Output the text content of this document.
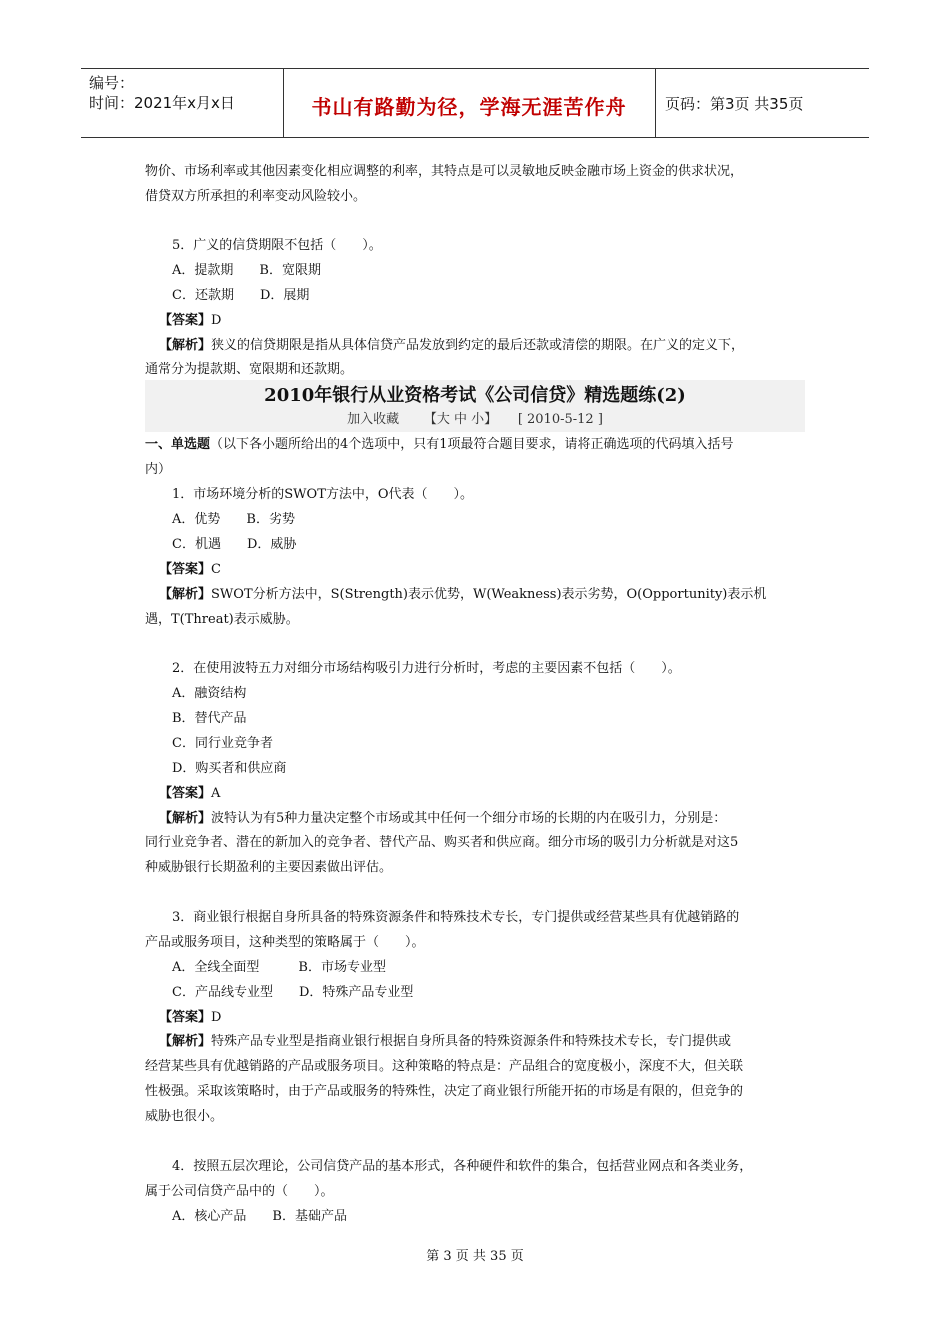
编号：
时间：2021年x月x日	书山有路勤为径，学海无涯苦作舟	页码：第3页 共35页
物价、市场利率或其他因素变化相应调整的利率，其特点是可以灵敏地反映金融市场上资金的供求状况，
借贷双方所承担的利率变动风险较小。
5．广义的信贷期限不包括（　　）。
A．提款期　　B．宽限期
C．还款期　　D．展期
【答案】D
【解析】狭义的信贷期限是指从具体信贷产品发放到约定的最后还款或清偿的期限。在广义的定义下，
通常分为提款期、宽限期和还款期。
2010年银行从业资格考试《公司信贷》精选题练(2)
加入收藏      【大 中 小】     [ 2010-5-12 ]
一、单选题（以下各小题所给出的4个选项中，只有1项最符合题目要求，请将正确选项的代码填入括号
内）
1．市场环境分析的SWOT方法中，O代表（　　）。
A．优势　　B．劣势
C．机遇　　D．威胁
【答案】C
【解析】SWOT分析方法中，S(Strength)表示优势，W(Weakness)表示劣势，O(Opportunity)表示机
遇，T(Threat)表示威胁。
2．在使用波特五力对细分市场结构吸引力进行分析时，考虑的主要因素不包括（　　）。
A．融资结构
B．替代产品
C．同行业竞争者
D．购买者和供应商
【答案】A
【解析】波特认为有5种力量决定整个市场或其中任何一个细分市场的长期的内在吸引力，分别是：
同行业竞争者、潜在的新加入的竞争者、替代产品、购买者和供应商。细分市场的吸引力分析就是对这5
种威胁银行长期盈利的主要因素做出评估。
3．商业银行根据自身所具备的特殊资源条件和特殊技术专长，专门提供或经营某些具有优越销路的
产品或服务项目，这种类型的策略属于（　　）。
A．全线全面型　　　B．市场专业型
C．产品线专业型　　D．特殊产品专业型
【答案】D
【解析】特殊产品专业型是指商业银行根据自身所具备的特殊资源条件和特殊技术专长，专门提供或
经营某些具有优越销路的产品或服务项目。这种策略的特点是：产品组合的宽度极小，深度不大，但关联
性极强。采取该策略时，由于产品或服务的特殊性，决定了商业银行所能开拓的市场是有限的，但竞争的
威胁也很小。
4．按照五层次理论，公司信贷产品的基本形式，各种硬件和软件的集合，包括营业网点和各类业务，
属于公司信贷产品中的（　　）。
A．核心产品　　B．基础产品
第 3 页 共 35 页
